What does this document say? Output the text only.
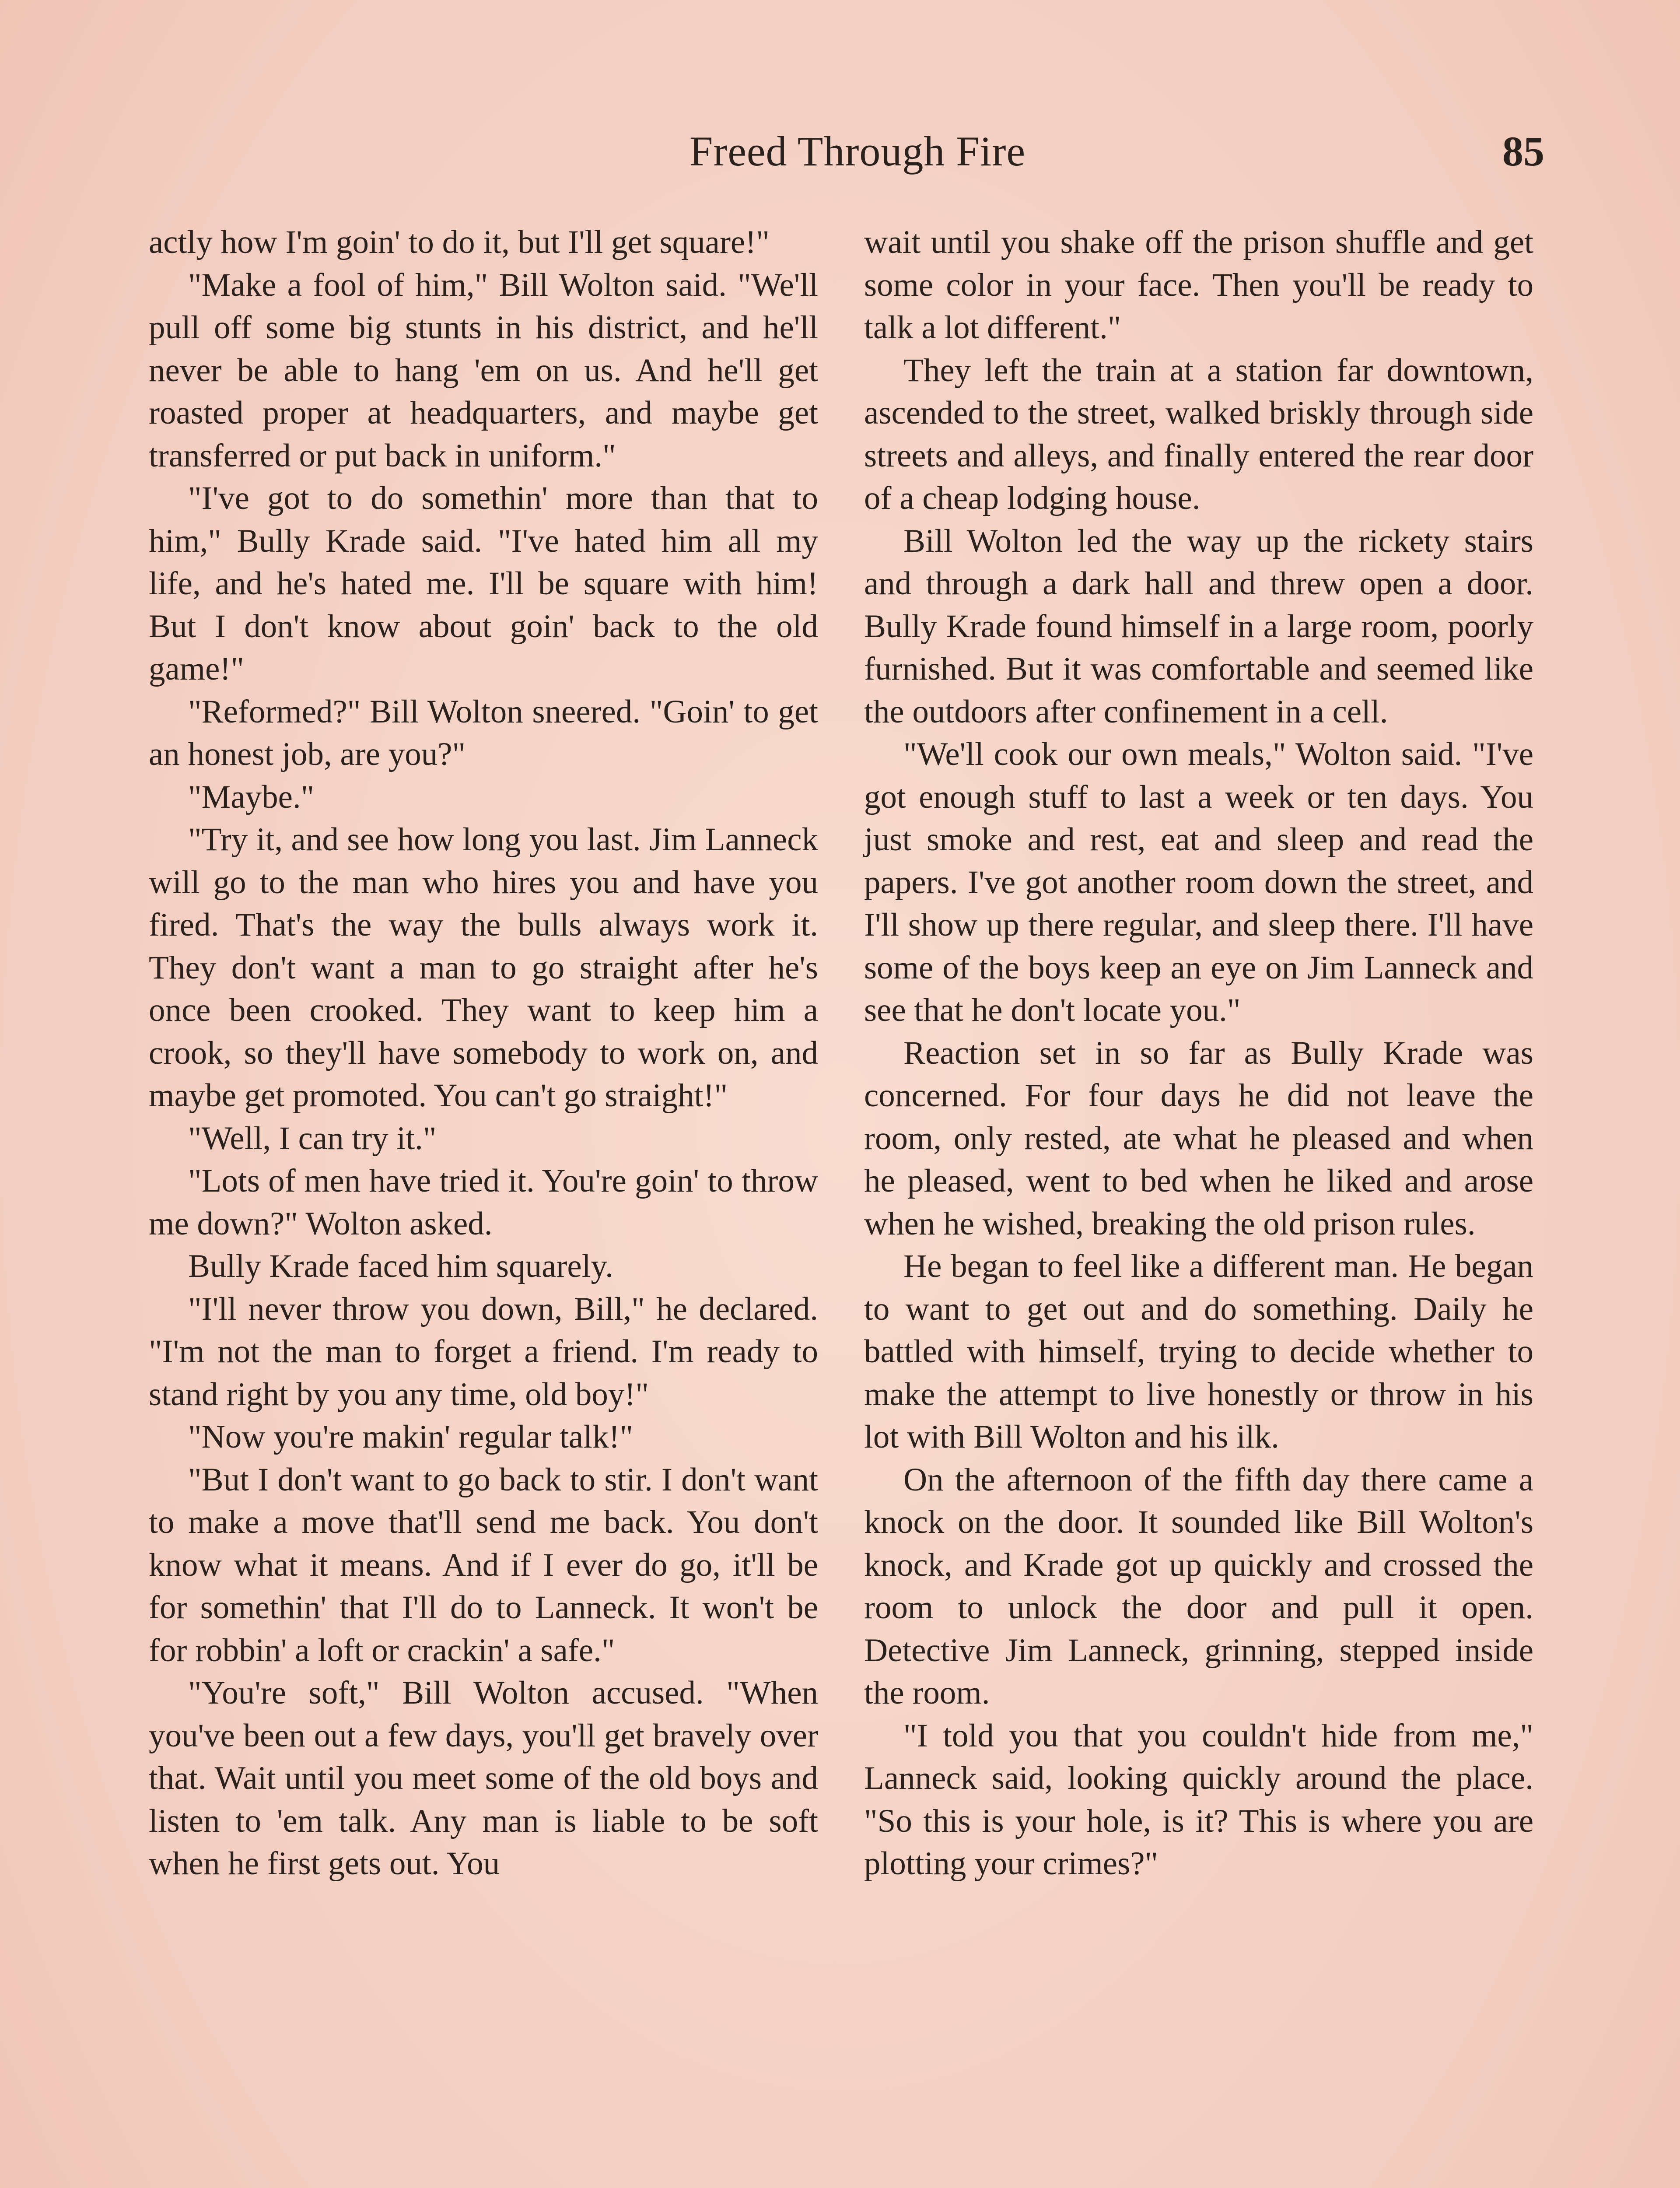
Freed Through Fire	85

actly how I'm goin' to do it, but I'll get square!"

"Make a fool of him," Bill Wolton said. "We'll pull off some big stunts in his district, and he'll never be able to hang 'em on us. And he'll get roasted proper at headquarters, and maybe get transferred or put back in uniform."

"I've got to do somethin' more than that to him," Bully Krade said. "I've hated him all my life, and he's hated me. I'll be square with him! But I don't know about goin' back to the old game!"

"Reformed?" Bill Wolton sneered. "Goin' to get an honest job, are you?"

"Maybe."

"Try it, and see how long you last. Jim Lanneck will go to the man who hires you and have you fired. That's the way the bulls always work it. They don't want a man to go straight after he's once been crooked. They want to keep him a crook, so they'll have somebody to work on, and maybe get promoted. You can't go straight!"

"Well, I can try it."

"Lots of men have tried it. You're goin' to throw me down?" Wolton asked.

Bully Krade faced him squarely.

"I'll never throw you down, Bill," he declared. "I'm not the man to forget a friend. I'm ready to stand right by you any time, old boy!"

"Now you're makin' regular talk!"

"But I don't want to go back to stir. I don't want to make a move that'll send me back. You don't know what it means. And if I ever do go, it'll be for somethin' that I'll do to Lanneck. It won't be for robbin' a loft or crackin' a safe."

"You're soft," Bill Wolton accused. "When you've been out a few days, you'll get bravely over that. Wait until you meet some of the old boys and listen to 'em talk. Any man is liable to be soft when he first gets out. You

wait until you shake off the prison shuffle and get some color in your face. Then you'll be ready to talk a lot different."

They left the train at a station far downtown, ascended to the street, walked briskly through side streets and alleys, and finally entered the rear door of a cheap lodging house.

Bill Wolton led the way up the rickety stairs and through a dark hall and threw open a door. Bully Krade found himself in a large room, poorly furnished. But it was comfortable and seemed like the outdoors after confinement in a cell.

"We'll cook our own meals," Wolton said. "I've got enough stuff to last a week or ten days. You just smoke and rest, eat and sleep and read the papers. I've got another room down the street, and I'll show up there regular, and sleep there. I'll have some of the boys keep an eye on Jim Lanneck and see that he don't locate you."

Reaction set in so far as Bully Krade was concerned. For four days he did not leave the room, only rested, ate what he pleased and when he pleased, went to bed when he liked and arose when he wished, breaking the old prison rules.

He began to feel like a different man. He began to want to get out and do something. Daily he battled with himself, trying to decide whether to make the attempt to live honestly or throw in his lot with Bill Wolton and his ilk.

On the afternoon of the fifth day there came a knock on the door. It sounded like Bill Wolton's knock, and Krade got up quickly and crossed the room to unlock the door and pull it open. Detective Jim Lanneck, grinning, stepped inside the room.

"I told you that you couldn't hide from me," Lanneck said, looking quickly around the place. "So this is your hole, is it? This is where you are plotting your crimes?"
